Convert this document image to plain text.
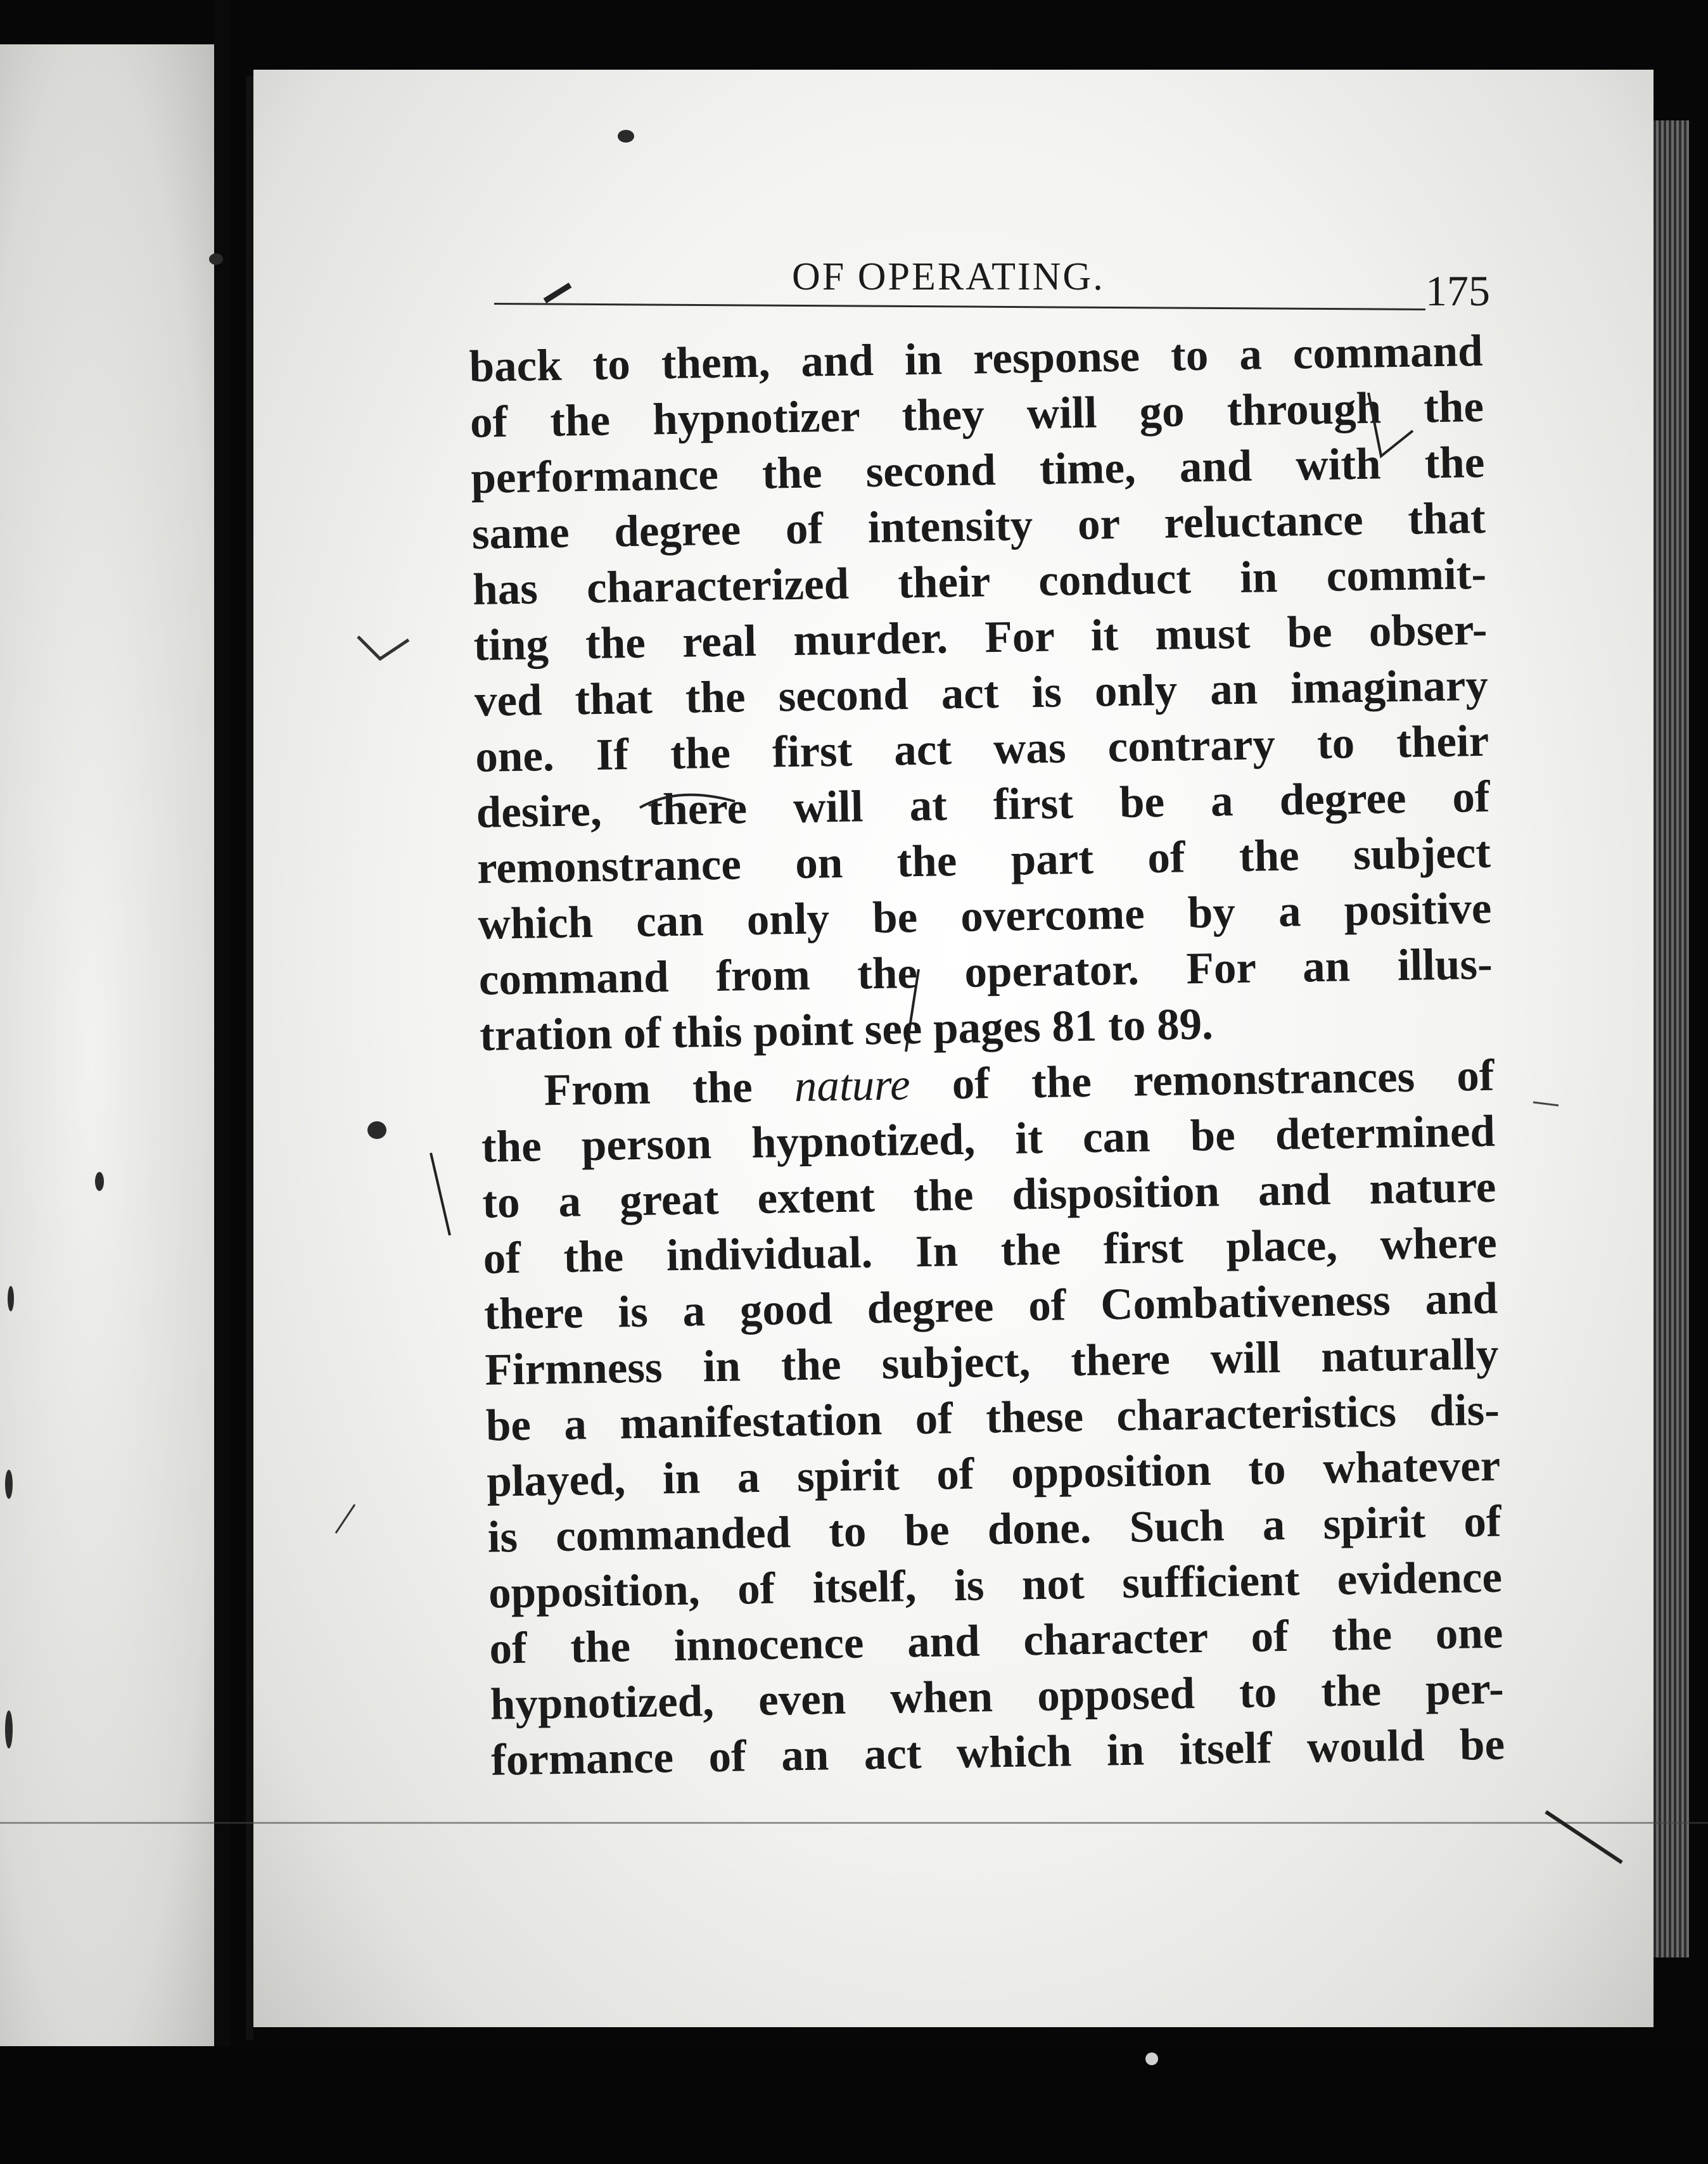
OF OPERATING.	175
back to them, and in response to a command
of the hypnotizer they will go through the
performance the second time, and with the
same degree of intensity or reluctance that
has characterized their conduct in commit-
ting the real murder. For it must be obser-
ved that the second act is only an imaginary
one. If the first act was contrary to their
desire, there will at first be a degree of
remonstrance on the part of the subject
which can only be overcome by a positive
command from the operator. For an illus-
tration of this point see pages 81 to 89.
From the nature of the remonstrances of
the person hypnotized, it can be determined
to a great extent the disposition and nature
of the individual. In the first place, where
there is a good degree of Combativeness and
Firmness in the subject, there will naturally
be a manifestation of these characteristics dis-
played, in a spirit of opposition to whatever
is commanded to be done. Such a spirit of
opposition, of itself, is not sufficient evidence
of the innocence and character of the one
hypnotized, even when opposed to the per-
formance of an act which in itself would be
